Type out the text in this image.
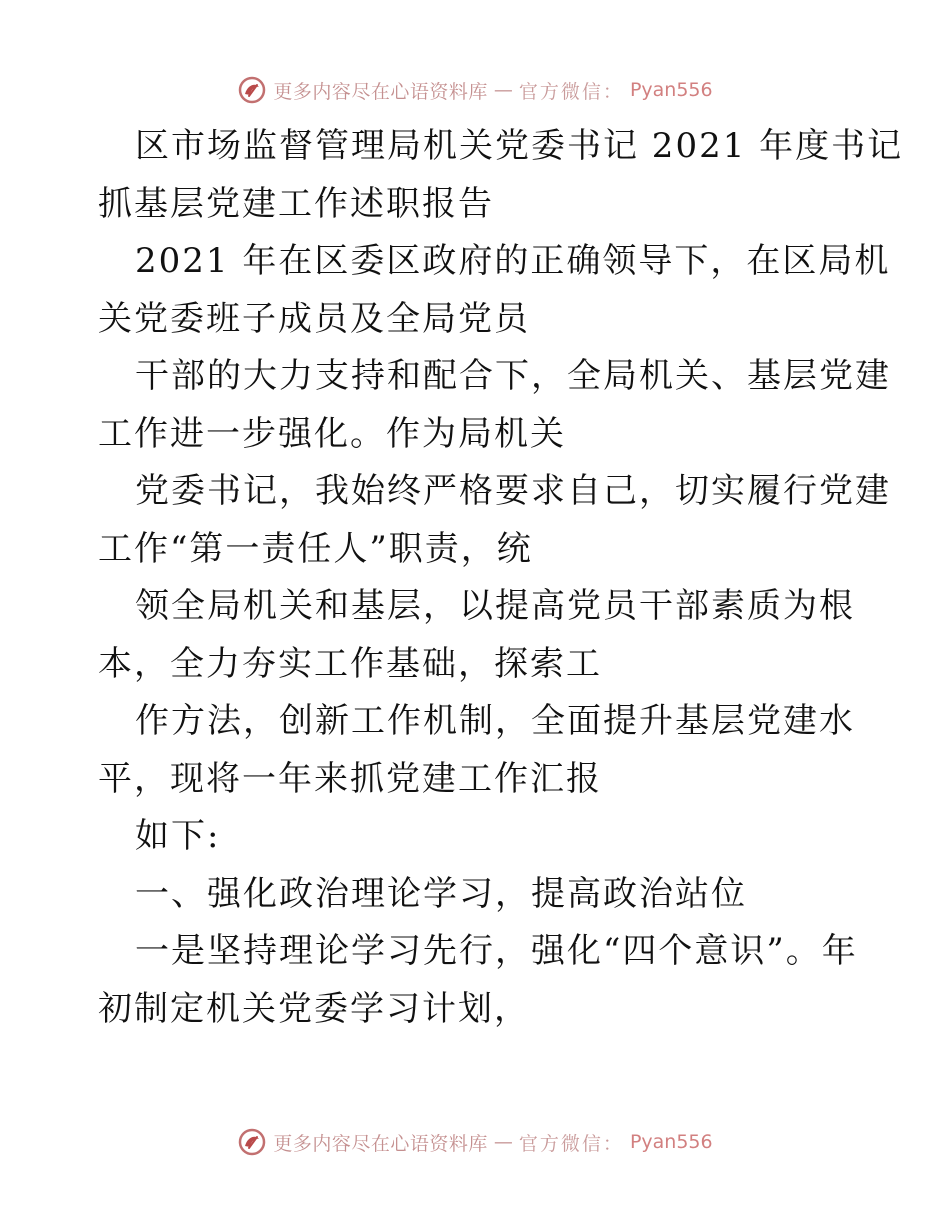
更多内容尽在心语资料库 — 官方微信： Pyan556
区市场监督管理局机关党委书记 2021 年度书记
抓基层党建工作述职报告
2021 年在区委区政府的正确领导下，在区局机
关党委班子成员及全局党员
干部的大力支持和配合下，全局机关、基层党建
工作进一步强化。作为局机关
党委书记，我始终严格要求自己，切实履行党建
工作“第一责任人”职责，统
领全局机关和基层，以提高党员干部素质为根
本，全力夯实工作基础，探索工
作方法，创新工作机制，全面提升基层党建水
平，现将一年来抓党建工作汇报
如下:
一、强化政治理论学习，提高政治站位
一是坚持理论学习先行，强化“四个意识”。年
初制定机关党委学习计划，
更多内容尽在心语资料库 — 官方微信： Pyan556
